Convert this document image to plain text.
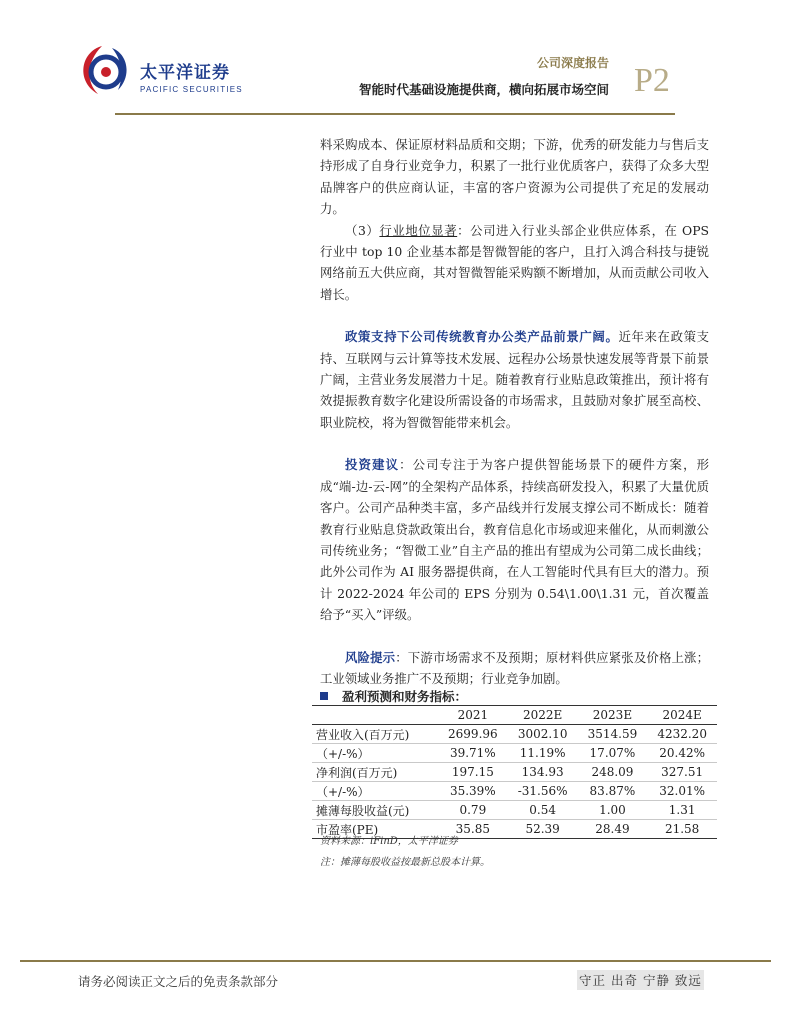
太平洋证券
PACIFIC SECURITIES
公司深度报告
智能时代基础设施提供商，横向拓展市场空间 P2

料采购成本、保证原材料品质和交期；下游，优秀的研发能力与售后支持形成了自身行业竞争力，积累了一批行业优质客户，获得了众多大型品牌客户的供应商认证，丰富的客户资源为公司提供了充足的发展动力。

（3）行业地位显著：公司进入行业头部企业供应体系，在 OPS 行业中 top 10 企业基本都是智微智能的客户，且打入鸿合科技与捷锐网络前五大供应商，其对智微智能采购额不断增加，从而贡献公司收入增长。

政策支持下公司传统教育办公类产品前景广阔。近年来在政策支持、互联网与云计算等技术发展、远程办公场景快速发展等背景下前景广阔，主营业务发展潜力十足。随着教育行业贴息政策推出，预计将有效提振教育数字化建设所需设备的市场需求，且鼓励对象扩展至高校、职业院校，将为智微智能带来机会。

投资建议：公司专注于为客户提供智能场景下的硬件方案，形成“端-边-云-网”的全架构产品体系，持续高研发投入，积累了大量优质客户。公司产品种类丰富，多产品线并行发展支撑公司不断成长：随着教育行业贴息贷款政策出台，教育信息化市场或迎来催化，从而刺激公司传统业务；“智微工业”自主产品的推出有望成为公司第二成长曲线；此外公司作为 AI 服务器提供商，在人工智能时代具有巨大的潜力。预计 2022-2024 年公司的 EPS 分别为 0.54\1.00\1.31 元，首次覆盖给予“买入”评级。

风险提示：下游市场需求不及预期；原材料供应紧张及价格上涨；工业领域业务推广不及预期；行业竞争加剧。

盈利预测和财务指标：
	2021	2022E	2023E	2024E
营业收入(百万元)	2699.96	3002.10	3514.59	4232.20
（+/-%）	39.71%	11.19%	17.07%	20.42%
净利润(百万元)	197.15	134.93	248.09	327.51
（+/-%）	35.39%	-31.56%	83.87%	32.01%
摊薄每股收益(元)	0.79	0.54	1.00	1.31
市盈率(PE)	35.85	52.39	28.49	21.58
资料来源：iFinD，太平洋证券
注：摊薄每股收益按最新总股本计算。
请务必阅读正文之后的免责条款部分	守正 出奇 宁静 致远
